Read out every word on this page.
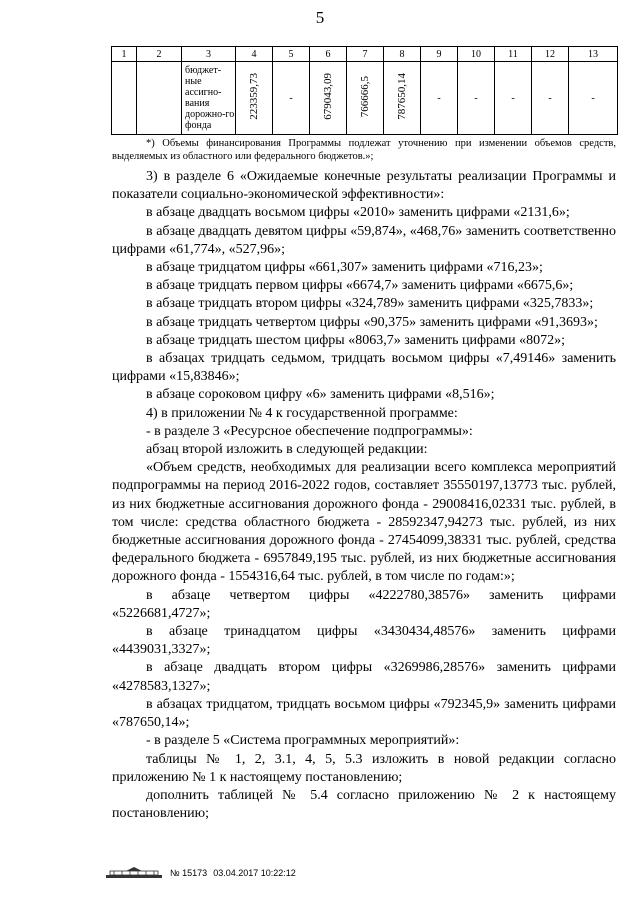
5
1	2	3	4	5	6	7	8	9	10	11	12	13
		бюджет-ные ассигно-вания дорожно-го фонда	223359,73	-	679043,09	766666,5	787650,14	-	-	-	-	-
*) Объемы финансирования Программы подлежат уточнению при изменении объемов средств, выделяемых из областного или федерального бюджетов.»;

3) в разделе 6 «Ожидаемые конечные результаты реализации Программы и показатели социально-экономической эффективности»:

в абзаце двадцать восьмом цифры «2010» заменить цифрами «2131,6»;

в абзаце двадцать девятом цифры «59,874», «468,76» заменить соответственно цифрами «61,774», «527,96»;

в абзаце тридцатом цифры «661,307» заменить цифрами «716,23»;

в абзаце тридцать первом цифры «6674,7» заменить цифрами «6675,6»;

в абзаце тридцать втором цифры «324,789» заменить цифрами «325,7833»;

в абзаце тридцать четвертом цифры «90,375» заменить цифрами «91,3693»;

в абзаце тридцать шестом цифры «8063,7» заменить цифрами «8072»;

в абзацах тридцать седьмом, тридцать восьмом цифры «7,49146» заменить цифрами «15,83846»;

в абзаце сороковом цифру «6» заменить цифрами «8,516»;

4) в приложении № 4 к государственной программе:

- в разделе 3 «Ресурсное обеспечение подпрограммы»:

абзац второй изложить в следующей редакции:

«Объем средств, необходимых для реализации всего комплекса мероприятий подпрограммы на период 2016-2022 годов, составляет 35550197,13773 тыс. рублей, из них бюджетные ассигнования дорожного фонда - 29008416,02331 тыс. рублей, в том числе: средства областного бюджета - 28592347,94273 тыс. рублей, из них бюджетные ассигнования дорожного фонда - 27454099,38331 тыс. рублей, средства федерального бюджета - 6957849,195 тыс. рублей, из них бюджетные ассигнования дорожного фонда - 1554316,64 тыс. рублей, в том числе по годам:»;

в абзаце четвертом цифры «4222780,38576» заменить цифрами «5226681,4727»;

в абзаце тринадцатом цифры «3430434,48576» заменить цифрами «4439031,3327»;

в абзаце двадцать втором цифры «3269986,28576» заменить цифрами «4278583,1327»;

в абзацах тридцатом, тридцать восьмом цифры «792345,9» заменить цифрами «787650,14»;

- в разделе 5 «Система программных мероприятий»:

таблицы № 1, 2, 3.1, 4, 5, 5.3 изложить в новой редакции согласно приложению № 1 к настоящему постановлению;

дополнить таблицей № 5.4 согласно приложению № 2 к настоящему постановлению;

№ 15173 03.04.2017 10:22:12
